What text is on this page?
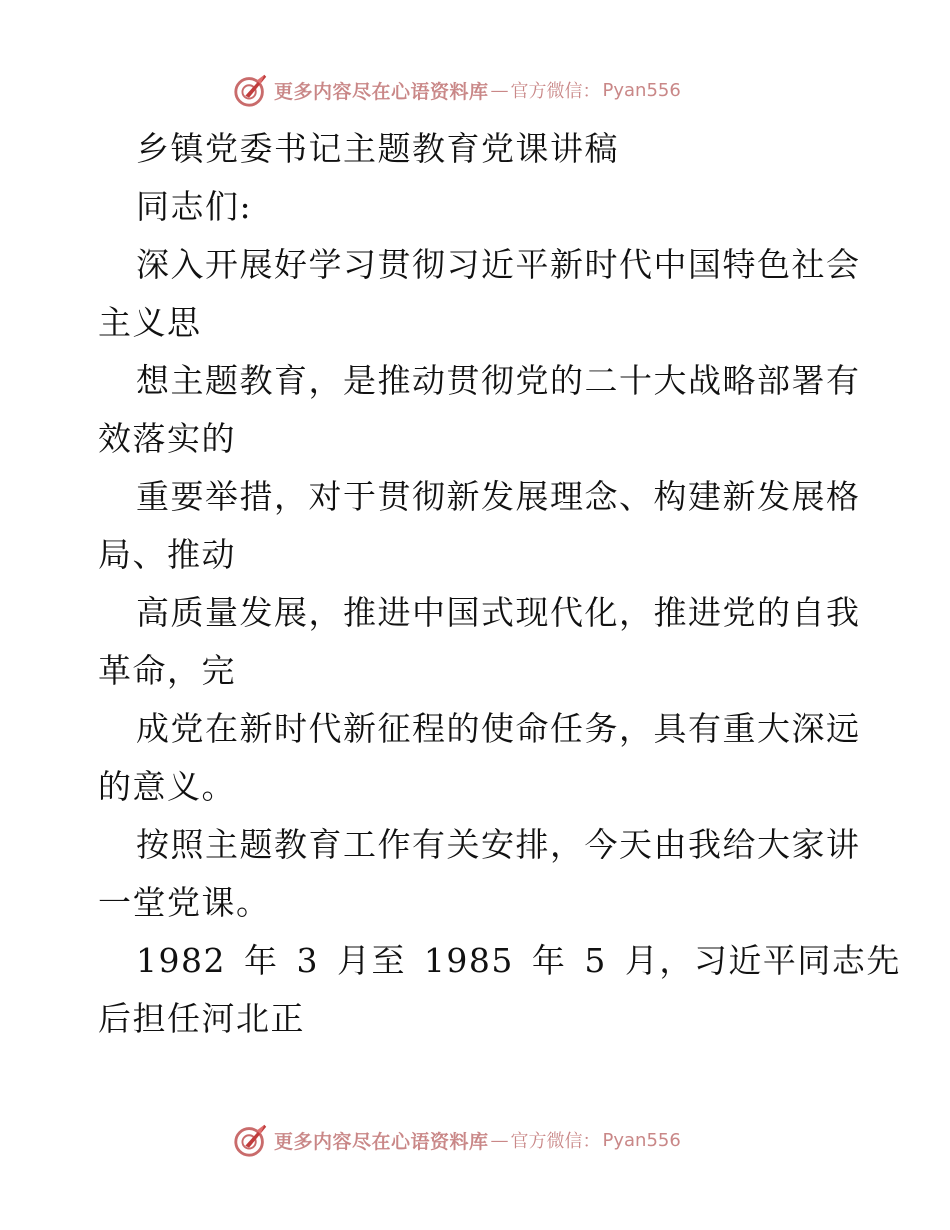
更多内容尽在心语资料库 — 官方微信： Pyan556
乡镇党委书记主题教育党课讲稿
同志们:
深入开展好学习贯彻习近平新时代中国特色社会
主义思
想主题教育，是推动贯彻党的二十大战略部署有
效落实的
重要举措，对于贯彻新发展理念、构建新发展格
局、推动
高质量发展，推进中国式现代化，推进党的自我
革命，完
成党在新时代新征程的使命任务，具有重大深远
的意义。
按照主题教育工作有关安排，今天由我给大家讲
一堂党课。
1982 年 3 月至 1985 年 5 月，习近平同志先
后担任河北正
更多内容尽在心语资料库 — 官方微信： Pyan556
